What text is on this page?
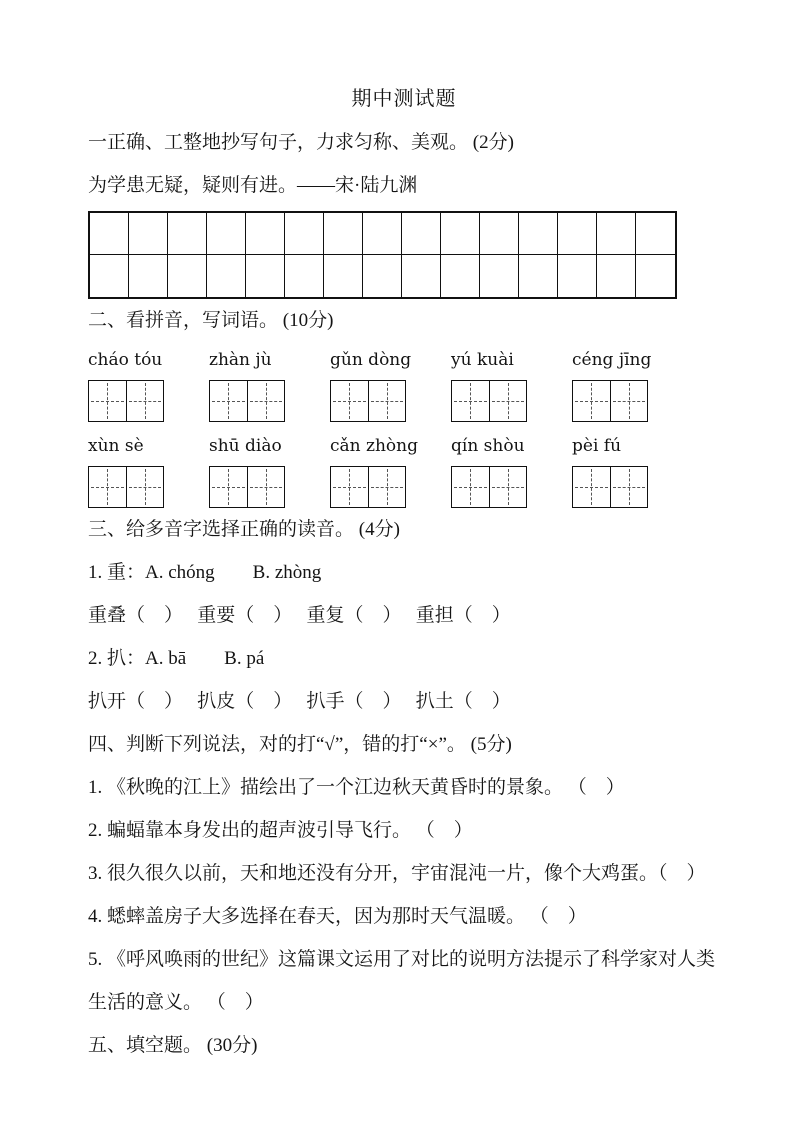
期中测试题
一正确、工整地抄写句子，力求匀称、美观。 (2分)
为学患无疑，疑则有进。——宋·陆九渊
二、看拼音，写词语。 (10分)
cháo tóu	zhàn jù	gǔn dòng	yú kuài	céng jīng
xùn sè	shū diào	cǎn zhòng	qín shòu	pèi fú
三、给多音字选择正确的读音。 (4分)
1. 重：A. chóng　　B. zhòng
重叠（　）　 重要（　）　 重复（　）　 重担（　）
2. 扒：A. bā　　B. pá
扒开（　）　 扒皮（　）　 扒手（　）　 扒土（　）
四、判断下列说法，对的打“√”，错的打“×”。 (5分)
1. 《秋晚的江上》描绘出了一个江边秋天黄昏时的景象。 （　）
2. 蝙蝠靠本身发出的超声波引导飞行。 （　）
3. 很久很久以前，天和地还没有分开，宇宙混沌一片，像个大鸡蛋。（　）
4. 蟋蟀盖房子大多选择在春天，因为那时天气温暖。 （　）
5. 《呼风唤雨的世纪》这篇课文运用了对比的说明方法提示了科学家对人类生活的意义。 （　）
五、填空题。 (30分)
